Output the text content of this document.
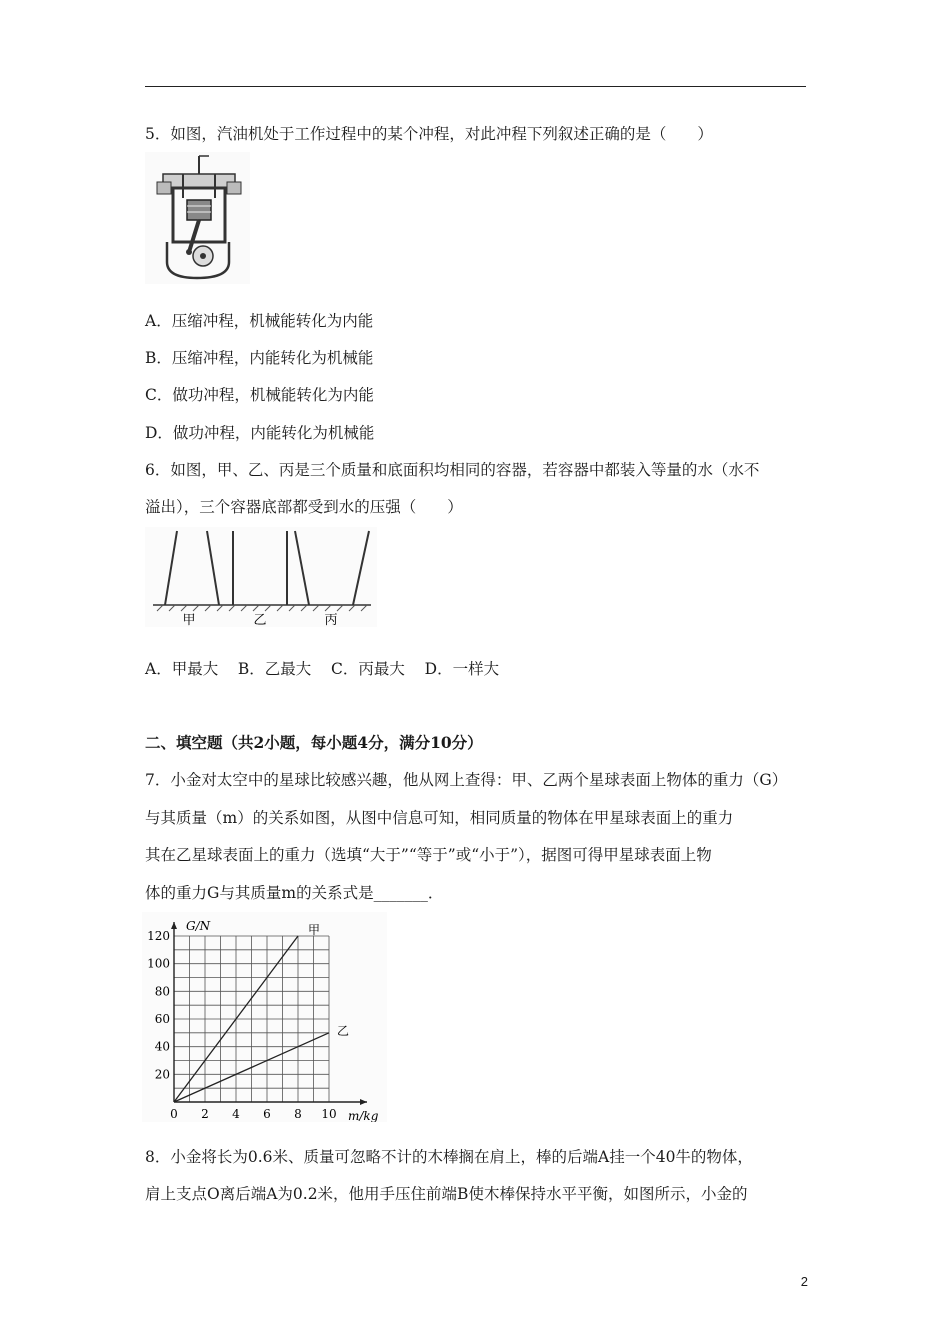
5．如图，汽油机处于工作过程中的某个冲程，对此冲程下列叙述正确的是（　　）
A．压缩冲程，机械能转化为内能
B．压缩冲程，内能转化为机械能
C．做功冲程，机械能转化为内能
D．做功冲程，内能转化为机械能
6．如图，甲、乙、丙是三个质量和底面积均相同的容器，若容器中都装入等量的水（水不
溢出），三个容器底部都受到水的压强（　　）
甲	乙	丙
A．甲最大 B．乙最大 C．丙最大 D．一样大
二、填空题（共2小题，每小题4分，满分10分）
7．小金对太空中的星球比较感兴趣，他从网上查得：甲、乙两个星球表面上物体的重力（G）
与其质量（m）的关系如图，从图中信息可知，相同质量的物体在甲星球表面上的重力
其在乙星球表面上的重力（选填“大于”“等于”或“小于”），据图可得甲星球表面上物
体的重力G与其质量m的关系式是_______．
0 2 4 6 8 10
20
40
60
80
100
120	甲
乙
G/N
m/kg
8．小金将长为0.6米、质量可忽略不计的木棒搁在肩上，棒的后端A挂一个40牛的物体，
肩上支点O离后端A为0.2米，他用手压住前端B使木棒保持水平平衡，如图所示，小金的
2
